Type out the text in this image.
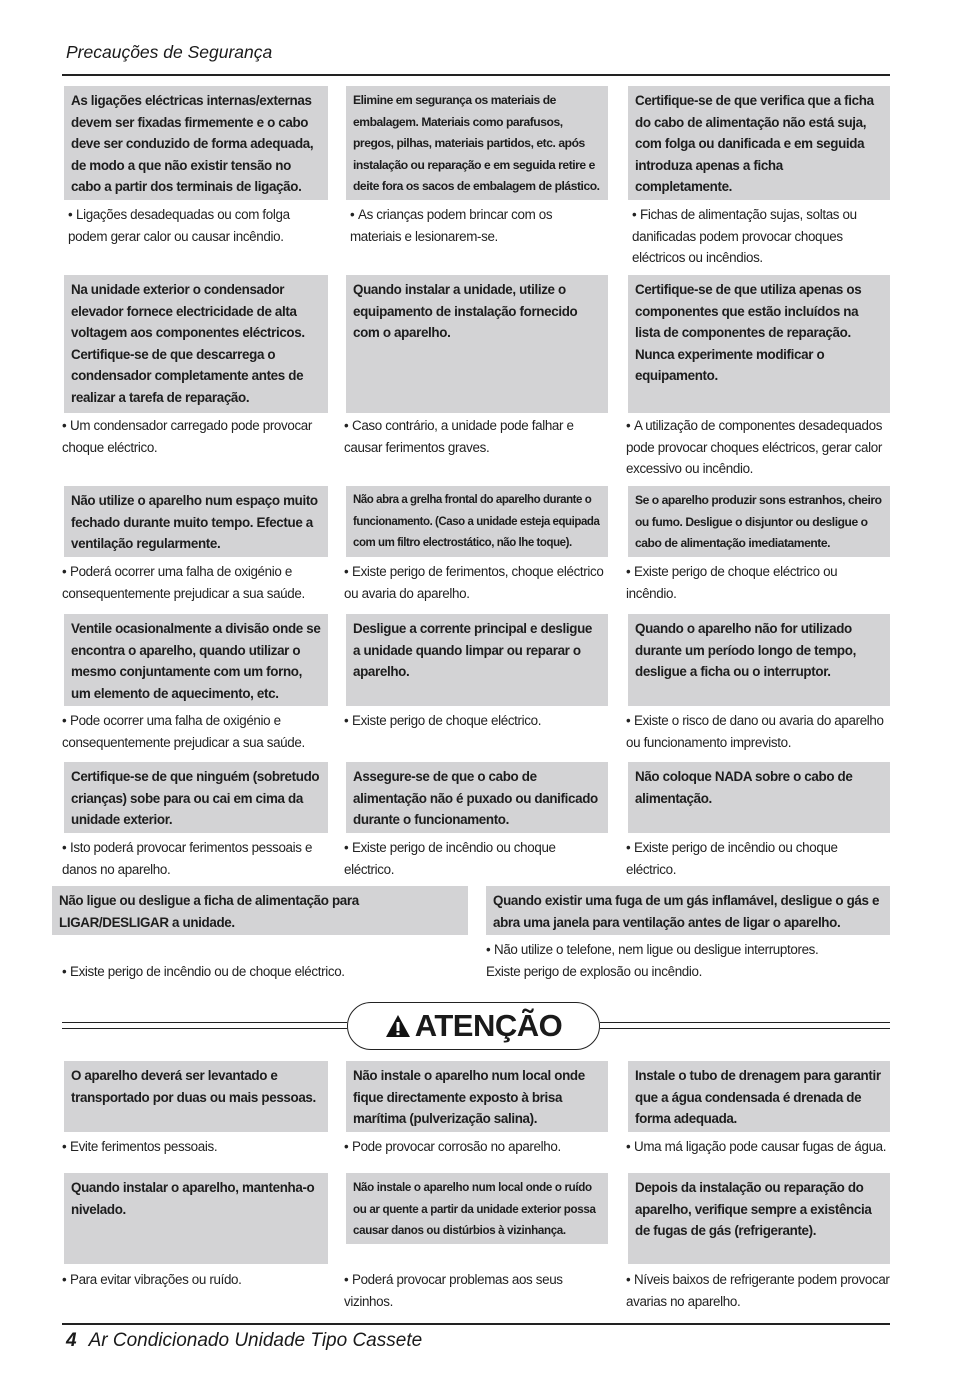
Precauções de Segurança
As ligações eléctricas internas/externas devem ser fixadas firmemente e o cabo deve ser conduzido de forma adequada, de modo a que não existir tensão no cabo a partir dos terminais de ligação.
• Ligações desadequadas ou com folga
podem gerar calor ou causar incêndio.
Elimine em segurança os materiais de embalagem. Materiais como parafusos, pregos, pilhas, materiais partidos, etc. após instalação ou reparação e em seguida retire e deite fora os sacos de embalagem de plástico.
• As crianças podem brincar com os
materiais e lesionarem-se.
Certifique-se de que verifica que a ficha do cabo de alimentação não está suja, com folga ou danificada e em seguida introduza apenas a ficha completamente.
• Fichas de alimentação sujas, soltas ou
danificadas podem provocar choques
eléctricos ou incêndios.
Na unidade exterior o condensador elevador fornece electricidade de alta voltagem aos componentes eléctricos. Certifique-se de que descarrega o condensador completamente antes de realizar a tarefa de reparação.
• Um condensador carregado pode provocar
choque eléctrico.
Quando instalar a unidade, utilize o equipamento de instalação fornecido com o aparelho.
• Caso contrário, a unidade pode falhar e
causar ferimentos graves.
Certifique-se de que utiliza apenas os componentes que estão incluídos na lista de componentes de reparação. Nunca experimente modificar o equipamento.
• A utilização de componentes desadequados
pode provocar choques eléctricos, gerar calor
excessivo ou incêndio.
Não utilize o aparelho num espaço muito fechado durante muito tempo. Efectue a ventilação regularmente.
• Poderá ocorrer uma falha de oxigénio e
consequentemente prejudicar a sua saúde.
Não abra a grelha frontal do aparelho durante o funcionamento. (Caso a unidade esteja equipada com um filtro electrostático, não lhe toque).
• Existe perigo de ferimentos, choque eléctrico
ou avaria do aparelho.
Se o aparelho produzir sons estranhos, cheiro ou fumo. Desligue o disjuntor ou desligue o cabo de alimentação imediatamente.
• Existe perigo de choque eléctrico ou
incêndio.
Ventile ocasionalmente a divisão onde se encontra o aparelho, quando utilizar o mesmo conjuntamente com um forno, um elemento de aquecimento, etc.
• Pode ocorrer uma falha de oxigénio e
consequentemente prejudicar a sua saúde.
Desligue a corrente principal e desligue a unidade quando limpar ou reparar o aparelho.
• Existe perigo de choque eléctrico.
Quando o aparelho não for utilizado durante um período longo de tempo, desligue a ficha ou o interruptor.
• Existe o risco de dano ou avaria do aparelho
ou funcionamento imprevisto.
Certifique-se de que ninguém (sobretudo crianças) sobe para ou cai em cima da unidade exterior.
• Isto poderá provocar ferimentos pessoais e
danos no aparelho.
Assegure-se de que o cabo de alimentação não é puxado ou danificado durante o funcionamento.
• Existe perigo de incêndio ou choque
eléctrico.
Não coloque NADA sobre o cabo de alimentação.
• Existe perigo de incêndio ou choque
eléctrico.
Não ligue ou desligue a ficha de alimentação para LIGAR/DESLIGAR a unidade.
• Existe perigo de incêndio ou de choque eléctrico.
Quando existir uma fuga de um gás inflamável, desligue o gás e abra uma janela para ventilação antes de ligar o aparelho.
• Não utilize o telefone, nem ligue ou desligue interruptores.
Existe perigo de explosão ou incêndio.
ATENÇÃO
O aparelho deverá ser levantado e transportado por duas ou mais pessoas.
• Evite ferimentos pessoais.
Não instale o aparelho num local onde fique directamente exposto à brisa marítima (pulverização salina).
• Pode provocar corrosão no aparelho.
Instale o tubo de drenagem para garantir que a água condensada é drenada de forma adequada.
• Uma má ligação pode causar fugas de água.
Quando instalar o aparelho, mantenha-o nivelado.
• Para evitar vibrações ou ruído.
Não instale o aparelho num local onde o ruído ou ar quente a partir da unidade exterior possa causar danos ou distúrbios à vizinhança.
• Poderá provocar problemas aos seus
vizinhos.
Depois da instalação ou reparação do aparelho, verifique sempre a existência de fugas de gás (refrigerante).
• Níveis baixos de refrigerante podem provocar
avarias no aparelho.
4 Ar Condicionado Unidade Tipo Cassete
